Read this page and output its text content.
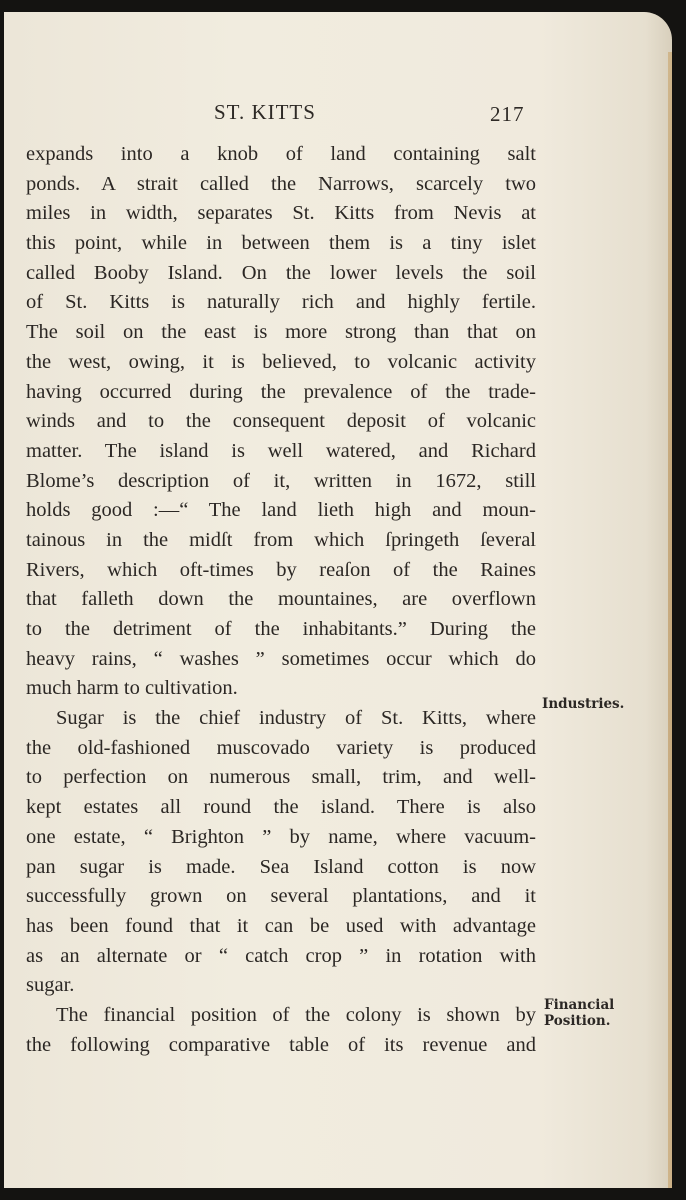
ST. KITTS	217
expands into a knob of land containing salt
ponds. A strait called the Narrows, scarcely two
miles in width, separates St. Kitts from Nevis at
this point, while in between them is a tiny islet
called Booby Island. On the lower levels the soil
of St. Kitts is naturally rich and highly fertile.
The soil on the east is more strong than that on
the west, owing, it is believed, to volcanic activity
having occurred during the prevalence of the trade-
winds and to the consequent deposit of volcanic
matter. The island is well watered, and Richard
Blome’s description of it, written in 1672, still
holds good :—“ The land lieth high and moun-
tainous in the midſt from which ſpringeth ſeveral
Rivers, which oft-times by reaſon of the Raines
that falleth down the mountaines, are overflown
to the detriment of the inhabitants.” During the
heavy rains, “ washes ” sometimes occur which do
much harm to cultivation.
Sugar is the chief industry of St. Kitts, where
the old-fashioned muscovado variety is produced
to perfection on numerous small, trim, and well-
kept estates all round the island. There is also
one estate, “ Brighton ” by name, where vacuum-
pan sugar is made. Sea Island cotton is now
successfully grown on several plantations, and it
has been found that it can be used with advantage
as an alternate or “ catch crop ” in rotation with
sugar.
The financial position of the colony is shown by
the following comparative table of its revenue and
Industries.
Financial
Position.
